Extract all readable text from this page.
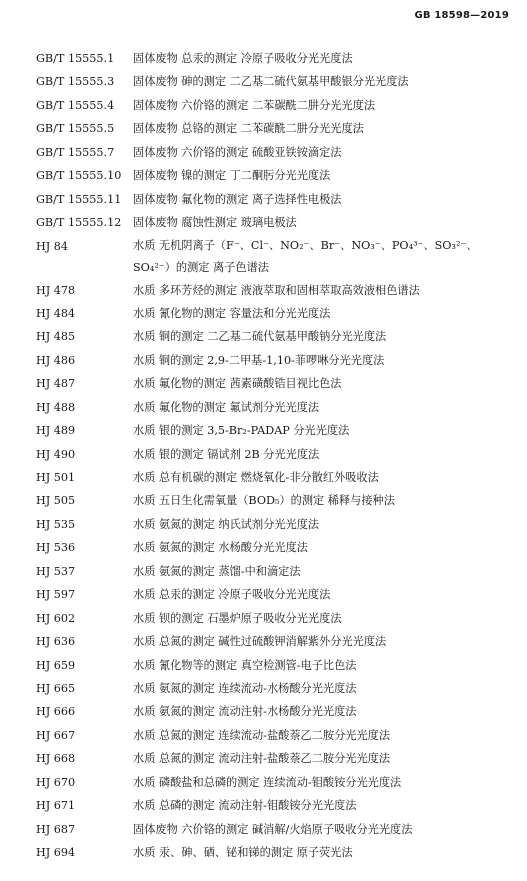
GB 18598—2019
GB/T 15555.1	固体废物 总汞的测定 冷原子吸收分光光度法
GB/T 15555.3	固体废物 砷的测定 二乙基二硫代氨基甲酸银分光光度法
GB/T 15555.4	固体废物 六价铬的测定 二苯碳酰二肼分光光度法
GB/T 15555.5	固体废物 总铬的测定 二苯碳酰二肼分光光度法
GB/T 15555.7	固体废物 六价铬的测定 硫酸亚铁铵滴定法
GB/T 15555.10	固体废物 镍的测定 丁二酮肟分光光度法
GB/T 15555.11	固体废物 氟化物的测定 离子选择性电极法
GB/T 15555.12	固体废物 腐蚀性测定 玻璃电极法
HJ 84	水质 无机阴离子（F⁻、Cl⁻、NO₂⁻、Br⁻、NO₃⁻、PO₄³⁻、SO₃²⁻、SO₄²⁻）的测定 离子色谱法
HJ 478	水质 多环芳烃的测定 液液萃取和固相萃取高效液相色谱法
HJ 484	水质 氰化物的测定 容量法和分光光度法
HJ 485	水质 铜的测定 二乙基二硫代氨基甲酸钠分光光度法
HJ 486	水质 铜的测定 2,9-二甲基-1,10-菲啰啉分光光度法
HJ 487	水质 氟化物的测定 茜素磺酸锆目视比色法
HJ 488	水质 氟化物的测定 氟试剂分光光度法
HJ 489	水质 银的测定 3,5-Br₂-PADAP 分光光度法
HJ 490	水质 银的测定 镉试剂 2B 分光光度法
HJ 501	水质 总有机碳的测定 燃烧氧化-非分散红外吸收法
HJ 505	水质 五日生化需氧量（BOD₅）的测定 稀释与接种法
HJ 535	水质 氨氮的测定 纳氏试剂分光光度法
HJ 536	水质 氨氮的测定 水杨酸分光光度法
HJ 537	水质 氨氮的测定 蒸馏-中和滴定法
HJ 597	水质 总汞的测定 冷原子吸收分光光度法
HJ 602	水质 钡的测定 石墨炉原子吸收分光光度法
HJ 636	水质 总氮的测定 碱性过硫酸钾消解紫外分光光度法
HJ 659	水质 氰化物等的测定 真空检测管-电子比色法
HJ 665	水质 氨氮的测定 连续流动-水杨酸分光光度法
HJ 666	水质 氨氮的测定 流动注射-水杨酸分光光度法
HJ 667	水质 总氮的测定 连续流动-盐酸萘乙二胺分光光度法
HJ 668	水质 总氮的测定 流动注射-盐酸萘乙二胺分光光度法
HJ 670	水质 磷酸盐和总磷的测定 连续流动-钼酸铵分光光度法
HJ 671	水质 总磷的测定 流动注射-钼酸铵分光光度法
HJ 687	固体废物 六价铬的测定 碱消解/火焰原子吸收分光光度法
HJ 694	水质 汞、砷、硒、铋和锑的测定 原子荧光法
